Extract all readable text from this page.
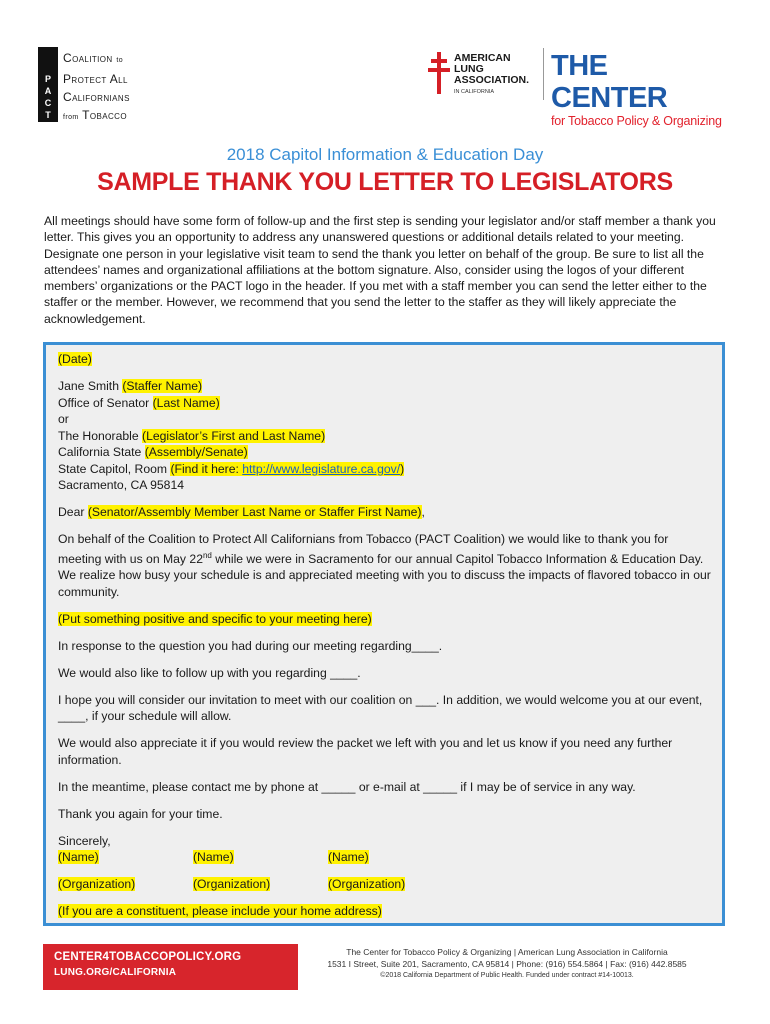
P
A
C
T
Coalition to
Protect All
Californians
from Tobacco
AMERICAN
LUNG
ASSOCIATION.
IN CALIFORNIA
THE CENTER
for Tobacco Policy & Organizing
2018 Capitol Information & Education Day
SAMPLE THANK YOU LETTER TO LEGISLATORS
All meetings should have some form of follow-up and the first step is sending your legislator and/or staff member a thank you letter. This gives you an opportunity to address any unanswered questions or additional details related to your meeting. Designate one person in your legislative visit team to send the thank you letter on behalf of the group. Be sure to list all the attendees’ names and organizational affiliations at the bottom signature. Also, consider using the logos of your different members’ organizations or the PACT logo in the header. If you met with a staff member you can send the letter either to the staffer or the member. However, we recommend that you send the letter to the staffer as they will likely appreciate the acknowledgement.

(Date)

Jane Smith (Staffer Name)
Office of Senator (Last Name)
or
The Honorable (Legislator’s First and Last Name)
California State (Assembly/Senate)
State Capitol, Room (Find it here: http://www.legislature.ca.gov/)

Sacramento, CA 95814

Dear (Senator/Assembly Member Last Name or Staffer First Name),

On behalf of the Coalition to Protect All Californians from Tobacco (PACT Coalition) we would like to thank you for meeting with us on May 22nd while we were in Sacramento for our annual Capitol Tobacco Information & Education Day. We realize how busy your schedule is and appreciated meeting with you to discuss the impacts of flavored tobacco in our community.

(Put something positive and specific to your meeting here)

In response to the question you had during our meeting regarding____.

We would also like to follow up with you regarding ____.

I hope you will consider our invitation to meet with our coalition on ___. In addition, we would welcome you at our event, ____, if your schedule will allow.

We would also appreciate it if you would review the packet we left with you and let us know if you need any further information.

In the meantime, please contact me by phone at _____ or e-mail at _____ if I may be of service in any way.

Thank you again for your time.

Sincerely,

(Name)	(Name)	(Name)

(Organization)	(Organization)	(Organization)

(If you are a constituent, please include your home address)

CENTER4TOBACCOPOLICY.ORG
LUNG.ORG/CALIFORNIA
The Center for Tobacco Policy & Organizing | American Lung Association in California
1531 I Street, Suite 201, Sacramento, CA 95814 | Phone: (916) 554.5864 | Fax: (916) 442.8585
©2018 California Department of Public Health. Funded under contract #14-10013.
